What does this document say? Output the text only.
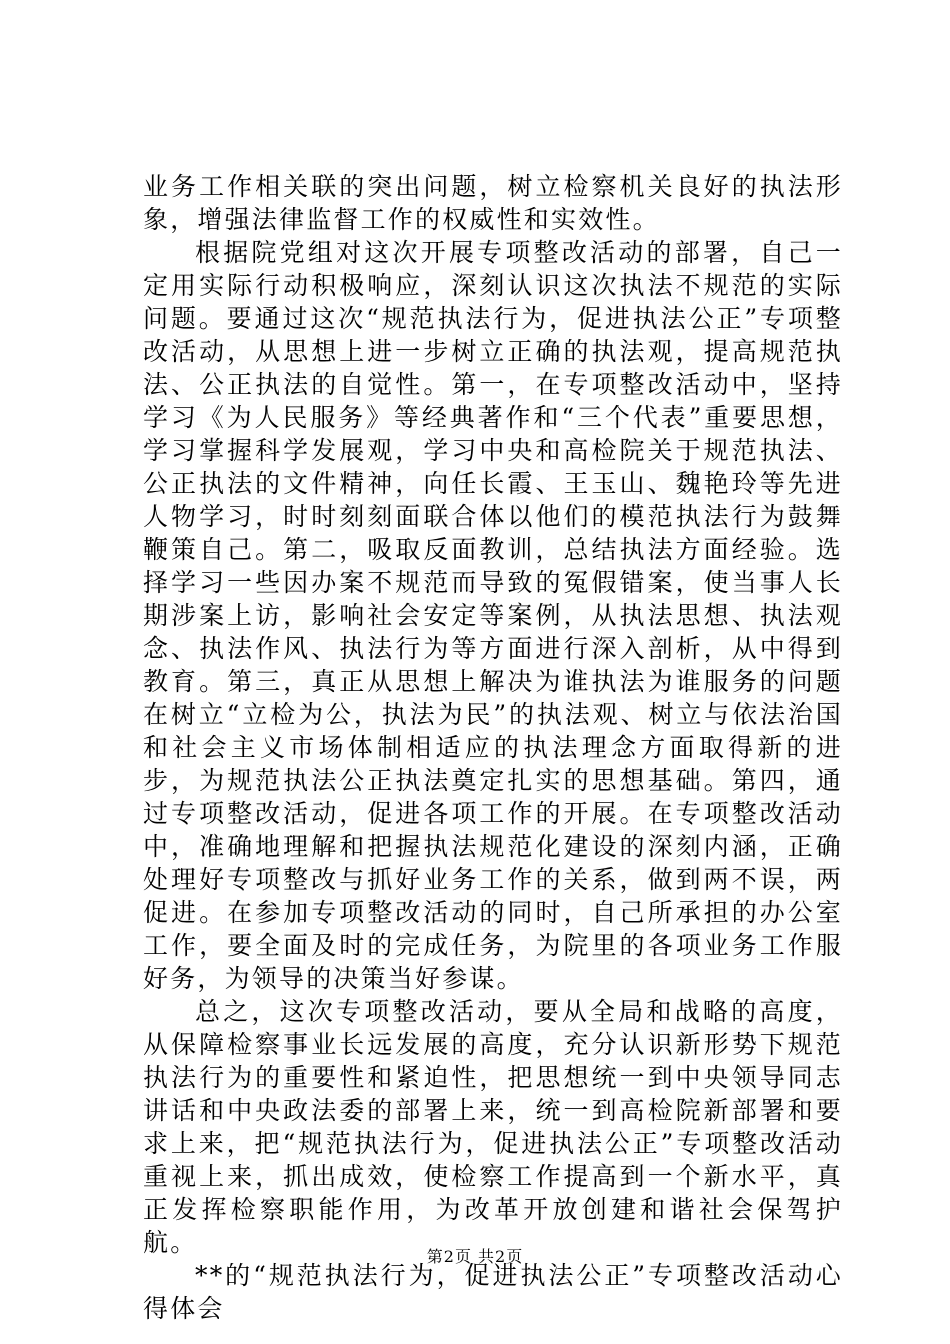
业务工作相关联的突出问题，树立检察机关良好的执法形象，增强法律监督工作的权威性和实效性。

根据院党组对这次开展专项整改活动的部署，自己一定用实际行动积极响应，深刻认识这次执法不规范的实际问题。要通过这次“规范执法行为，促进执法公正”专项整改活动，从思想上进一步树立正确的执法观，提高规范执法、公正执法的自觉性。第一，在专项整改活动中，坚持学习《为人民服务》等经典著作和“三个代表”重要思想，学习掌握科学发展观，学习中央和高检院关于规范执法、公正执法的文件精神，向任长霞、王玉山、魏艳玲等先进人物学习，时时刻刻面联合体以他们的模范执法行为鼓舞鞭策自己。第二，吸取反面教训，总结执法方面经验。选择学习一些因办案不规范而导致的冤假错案，使当事人长期涉案上访，影响社会安定等案例，从执法思想、执法观念、执法作风、执法行为等方面进行深入剖析，从中得到教育。第三，真正从思想上解决为谁执法为谁服务的问题在树立“立检为公，执法为民”的执法观、树立与依法治国和社会主义市场体制相适应的执法理念方面取得新的进步，为规范执法公正执法奠定扎实的思想基础。第四，通过专项整改活动，促进各项工作的开展。在专项整改活动中，准确地理解和把握执法规范化建设的深刻内涵，正确处理好专项整改与抓好业务工作的关系，做到两不误，两促进。在参加专项整改活动的同时，自己所承担的办公室工作，要全面及时的完成任务，为院里的各项业务工作服好务，为领导的决策当好参谋。

总之，这次专项整改活动，要从全局和战略的高度，从保障检察事业长远发展的高度，充分认识新形势下规范执法行为的重要性和紧迫性，把思想统一到中央领导同志讲话和中央政法委的部署上来，统一到高检院新部署和要求上来，把“规范执法行为，促进执法公正”专项整改活动重视上来，抓出成效，使检察工作提高到一个新水平，真正发挥检察职能作用，为改革开放创建和谐社会保驾护航。

**的“规范执法行为，促进执法公正”专项整改活动心得体会

第2页 共2页
